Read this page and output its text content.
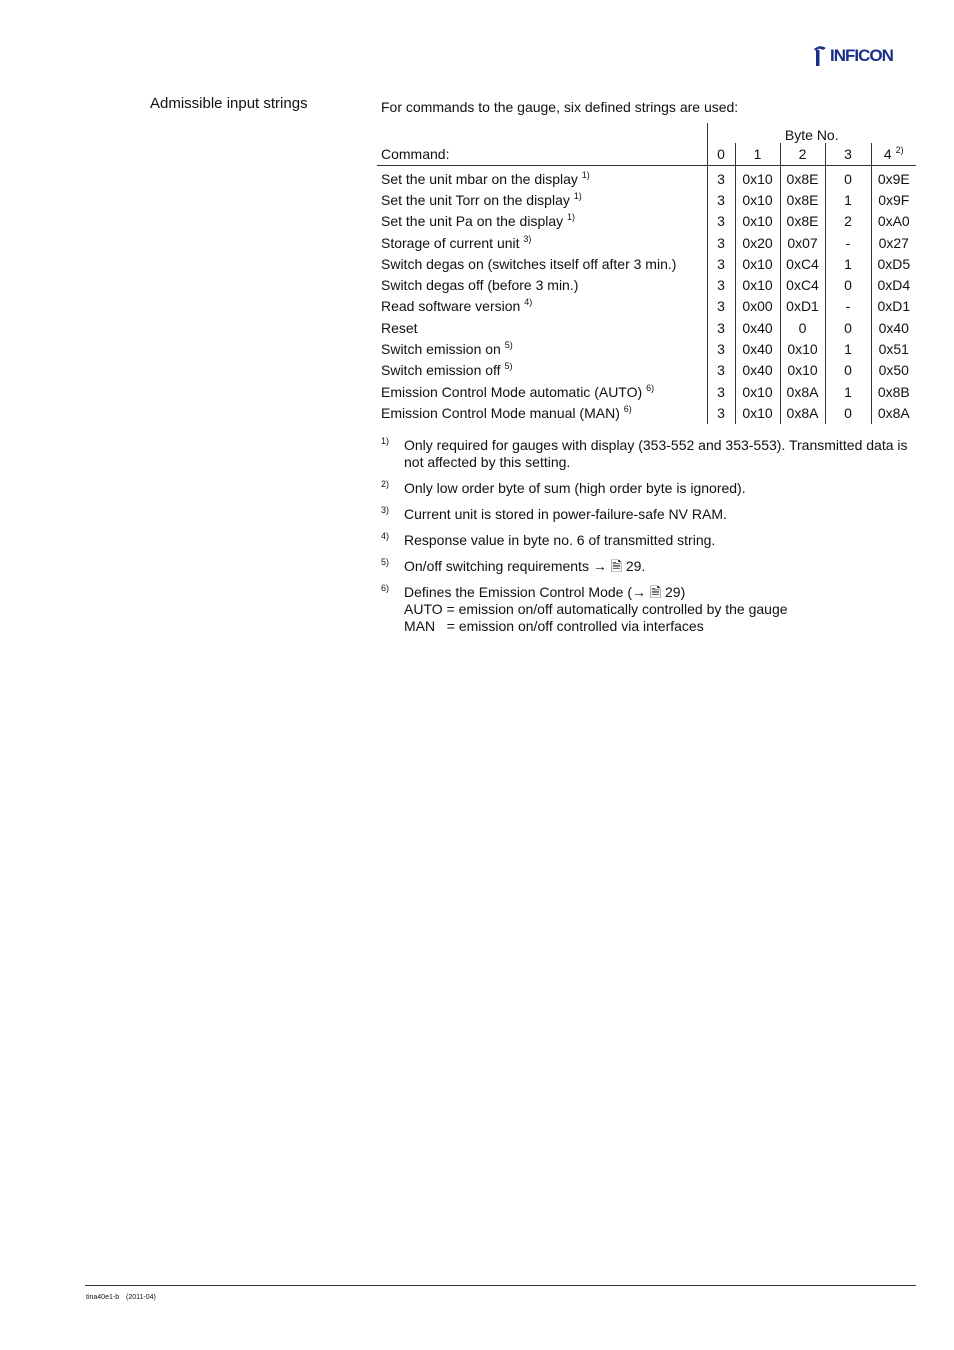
INFICON
Admissible input strings	For commands to the gauge, six defined strings are used:
	Byte No.				
Command:	0	1	2	3	4 $^{2)}$
Set the unit mbar on the display $^{1)}$	3	0x10	0x8E	0	0x9E
Set the unit Torr on the display $^{1)}$	3	0x10	0x8E	1	0x9F
Set the unit Pa on the display $^{1)}$	3	0x10	0x8E	2	0xA0
Storage of current unit $^{3)}$	3	0x20	0x07	-	0x27
Switch degas on (switches itself off after 3 min.)	3	0x10	0xC4	1	0xD5
Switch degas off (before 3 min.)	3	0x10	0xC4	0	0xD4
Read software version $^{4)}$	3	0x00	0xD1	-	0xD1
Reset	3	0x40	0	0	0x40
Switch emission on $^{5)}$	3	0x40	0x10	1	0x51
Switch emission off $^{5)}$	3	0x40	0x10	0	0x50
Emission Control Mode automatic (AUTO) $^{6)}$	3	0x10	0x8A	1	0x8B
Emission Control Mode manual (MAN) $^{6)}$	3	0x10	0x8A	0	0x8A
1) Only required for gauges with display (353-552 and 353-553). Transmitted data is not affected by this setting.
2) Only low order byte of sum (high order byte is ignored).
3) Current unit is stored in power-failure-safe NV RAM.
4) Response value in byte no. 6 of transmitted string.
5) On/off switching requirements → 🗎 29.
6) Defines the Emission Control Mode (→ 🗎 29)
AUTO = emission on/off automatically controlled by the gauge
MAN   = emission on/off controlled via interfaces
tina40e1-b (2011-04)
